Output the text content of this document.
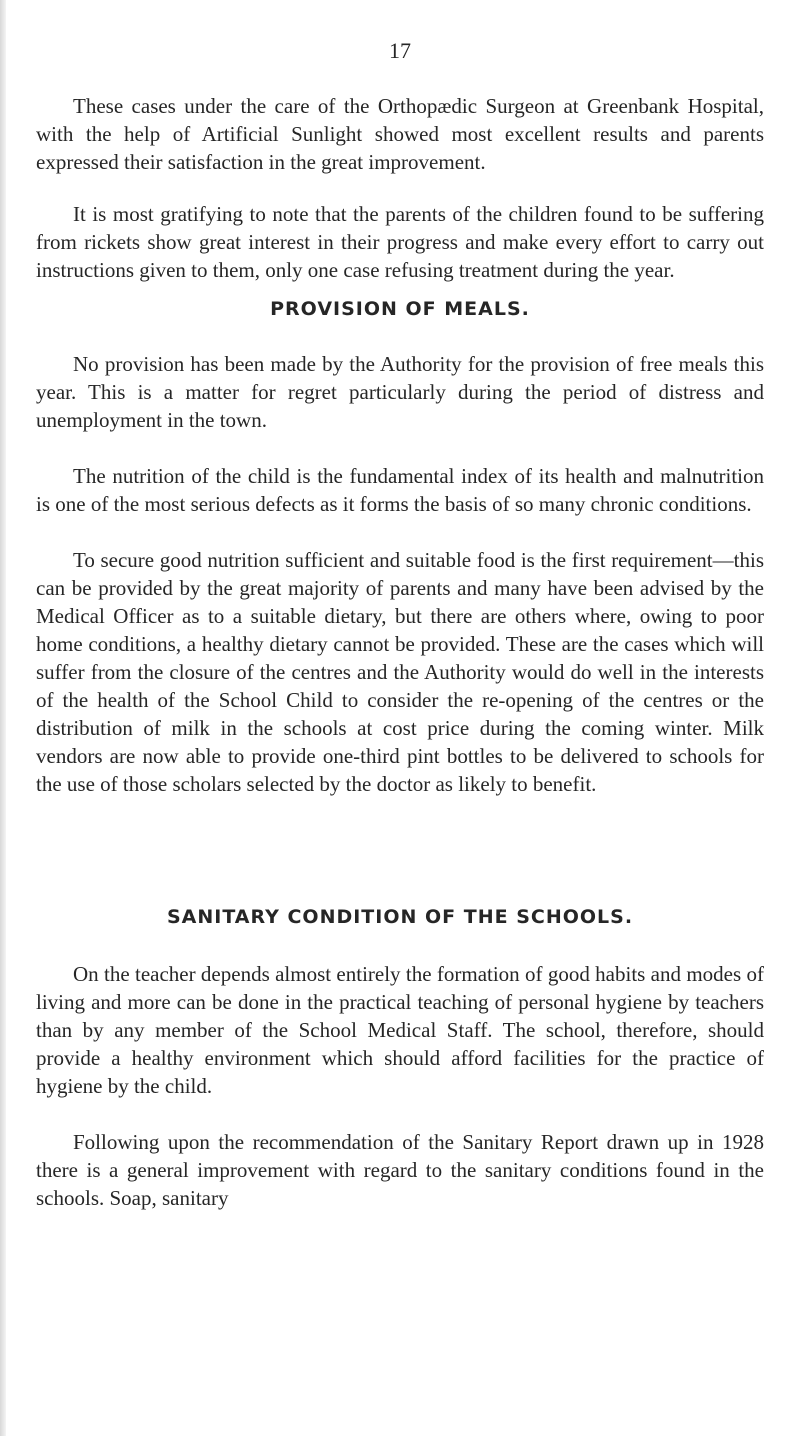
17

These cases under the care of the Orthopædic Surgeon at Greenbank Hospital, with the help of Artificial Sunlight showed most excellent results and parents expressed their satisfaction in the great improvement.

It is most gratifying to note that the parents of the children found to be suffering from rickets show great interest in their progress and make every effort to carry out instructions given to them, only one case refusing treatment during the year.

PROVISION OF MEALS.

No provision has been made by the Authority for the provision of free meals this year. This is a matter for regret particularly during the period of distress and unemployment in the town.

The nutrition of the child is the fundamental index of its health and malnutrition is one of the most serious defects as it forms the basis of so many chronic conditions.

To secure good nutrition sufficient and suitable food is the first requirement—this can be provided by the great majority of parents and many have been advised by the Medical Officer as to a suitable dietary, but there are others where, owing to poor home conditions, a healthy dietary cannot be provided. These are the cases which will suffer from the closure of the centres and the Authority would do well in the interests of the health of the School Child to consider the re-opening of the centres or the distribution of milk in the schools at cost price during the coming winter. Milk vendors are now able to provide one-third pint bottles to be delivered to schools for the use of those scholars selected by the doctor as likely to benefit.

SANITARY CONDITION OF THE SCHOOLS.

On the teacher depends almost entirely the formation of good habits and modes of living and more can be done in the practical teaching of personal hygiene by teachers than by any member of the School Medical Staff. The school, therefore, should provide a healthy environment which should afford facilities for the practice of hygiene by the child.

Following upon the recommendation of the Sanitary Report drawn up in 1928 there is a general improvement with regard to the sanitary conditions found in the schools. Soap, sanitary
